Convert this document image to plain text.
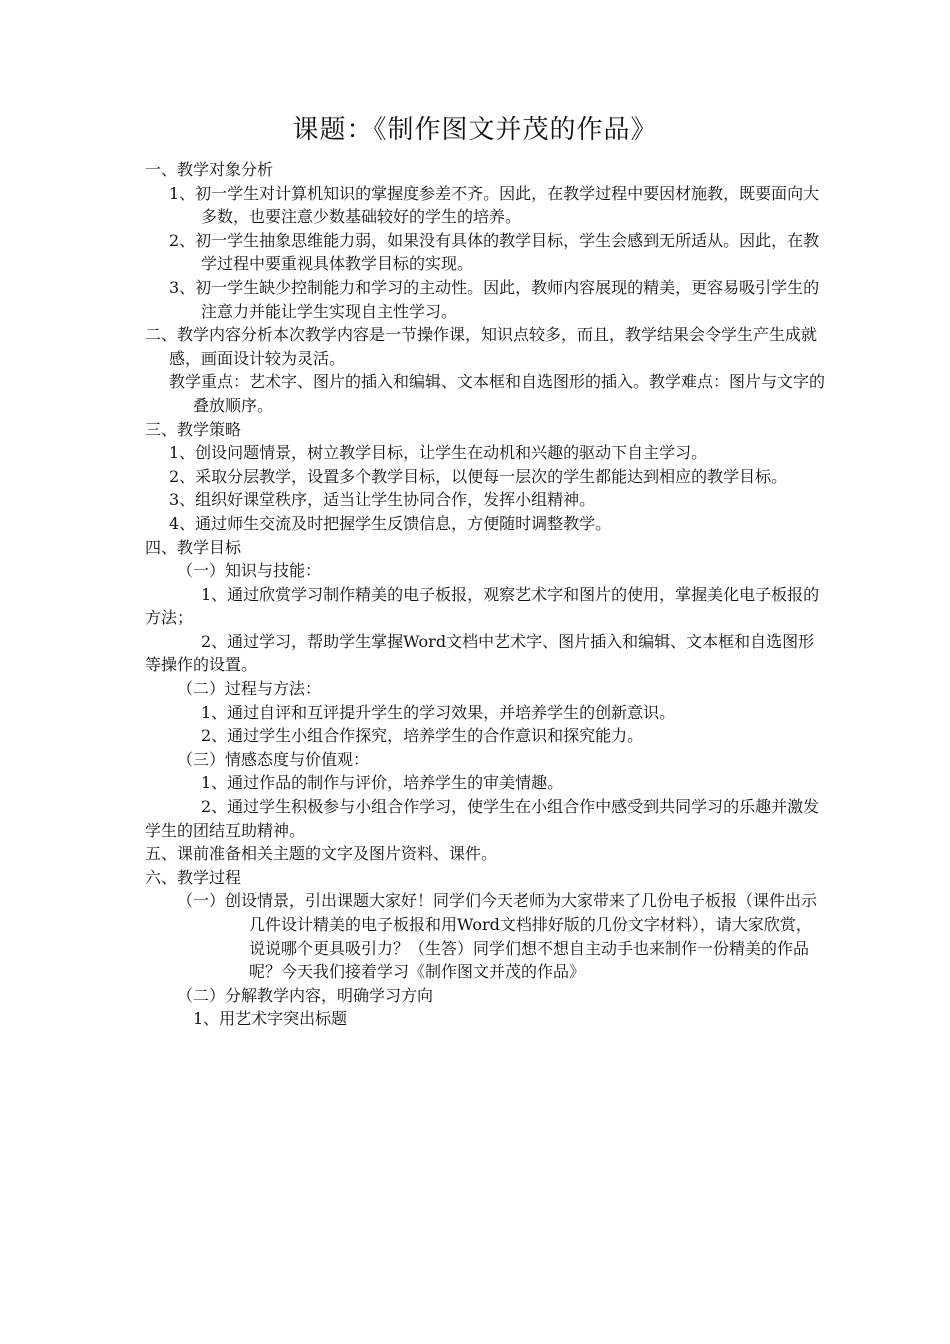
课题：《制作图文并茂的作品》

一、教学对象分析

1、初一学生对计算机知识的掌握度参差不齐。因此，在教学过程中要因材施教，既要面向大多数，也要注意少数基础较好的学生的培养。

2、初一学生抽象思维能力弱，如果没有具体的教学目标，学生会感到无所适从。因此，在教学过程中要重视具体教学目标的实现。

3、初一学生缺少控制能力和学习的主动性。因此，教师内容展现的精美，更容易吸引学生的注意力并能让学生实现自主性学习。

二、教学内容分析本次教学内容是一节操作课，知识点较多，而且，教学结果会令学生产生成就感，画面设计较为灵活。

教学重点：艺术字、图片的插入和编辑、文本框和自选图形的插入。教学难点：图片与文字的叠放顺序。

三、教学策略

1、创设问题情景，树立教学目标，让学生在动机和兴趣的驱动下自主学习。

2、采取分层教学，设置多个教学目标，以便每一层次的学生都能达到相应的教学目标。

3、组织好课堂秩序，适当让学生协同合作，发挥小组精神。

4、通过师生交流及时把握学生反馈信息，方便随时调整教学。

四、教学目标

（一）知识与技能：

1、通过欣赏学习制作精美的电子板报，观察艺术字和图片的使用，掌握美化电子板报的方法；

2、通过学习，帮助学生掌握Word文档中艺术字、图片插入和编辑、文本框和自选图形等操作的设置。

（二）过程与方法：

1、通过自评和互评提升学生的学习效果，并培养学生的创新意识。

2、通过学生小组合作探究，培养学生的合作意识和探究能力。

（三）情感态度与价值观：

1、通过作品的制作与评价，培养学生的审美情趣。

2、通过学生积极参与小组合作学习，使学生在小组合作中感受到共同学习的乐趣并激发学生的团结互助精神。

五、课前准备相关主题的文字及图片资料、课件。

六、教学过程

（一）创设情景，引出课题大家好！同学们今天老师为大家带来了几份电子板报（课件出示几件设计精美的电子板报和用Word文档排好版的几份文字材料），请大家欣赏，说说哪个更具吸引力？（生答）同学们想不想自主动手也来制作一份精美的作品呢？今天我们接着学习《制作图文并茂的作品》

（二）分解教学内容，明确学习方向

1、用艺术字突出标题
